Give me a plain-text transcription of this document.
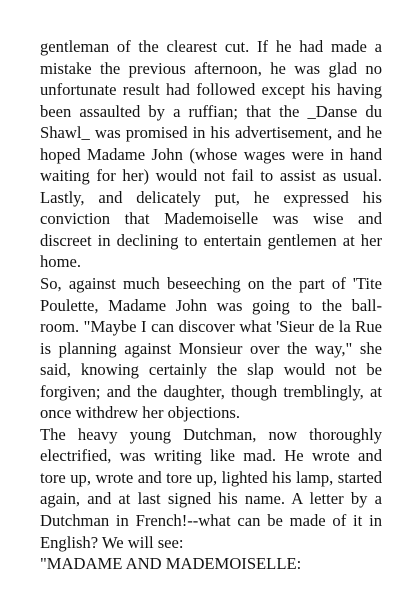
gentleman of the clearest cut. If he had made a
mistake the previous afternoon, he was glad no
unfortunate result had followed except his having
been assaulted by a ruffian; that the _Danse du
Shawl_ was promised in his advertisement, and he
hoped Madame John (whose wages were in hand
waiting for her) would not fail to assist as usual.
Lastly, and delicately put, he expressed his
conviction that Mademoiselle was wise and
discreet in declining to entertain gentlemen at her
home.

So, against much beseeching on the part of 'Tite
Poulette, Madame John was going to the ball-
room. "Maybe I can discover what 'Sieur de la Rue
is planning against Monsieur over the way," she
said, knowing certainly the slap would not be
forgiven; and the daughter, though tremblingly, at
once withdrew her objections.

The heavy young Dutchman, now thoroughly
electrified, was writing like mad. He wrote and
tore up, wrote and tore up, lighted his lamp, started
again, and at last signed his name. A letter by a
Dutchman in French!--what can be made of it in
English? We will see:

"MADAME AND MADEMOISELLE:
